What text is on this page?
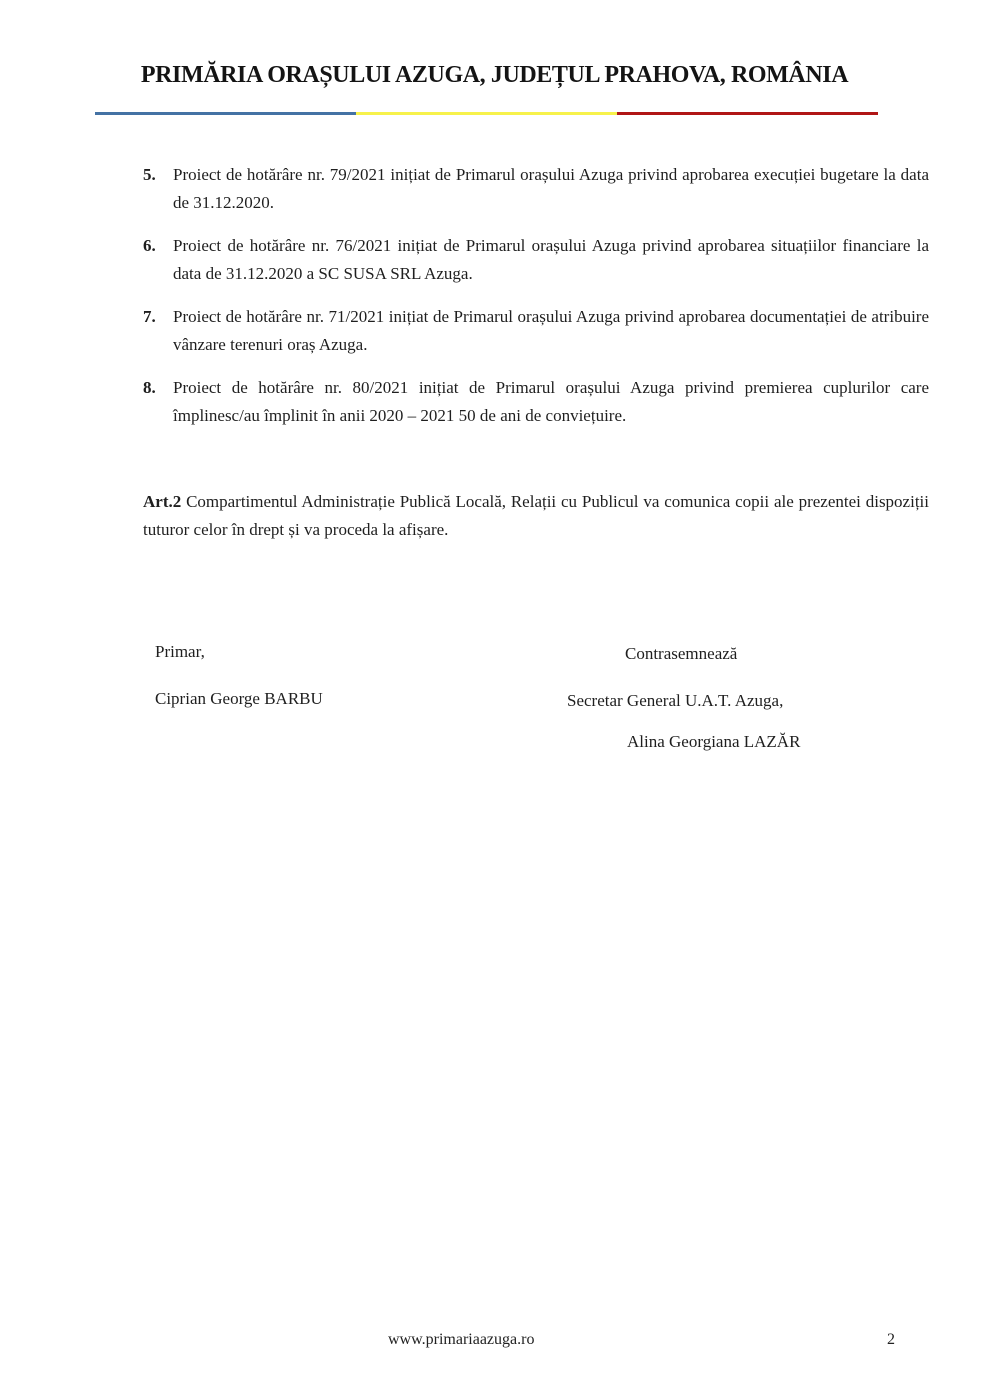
PRIMĂRIA ORAȘULUI AZUGA, JUDEȚUL PRAHOVA, ROMÂNIA
5. Proiect de hotărâre nr. 79/2021 inițiat de Primarul orașului Azuga privind aprobarea execuției bugetare la data de 31.12.2020.
6. Proiect de hotărâre nr. 76/2021 inițiat de Primarul orașului Azuga privind aprobarea situațiilor financiare la data de 31.12.2020 a SC SUSA SRL Azuga.
7. Proiect de hotărâre nr. 71/2021 inițiat de Primarul orașului Azuga privind aprobarea documentației de atribuire vânzare terenuri oraș Azuga.
8. Proiect de hotărâre nr. 80/2021 inițiat de Primarul orașului Azuga privind premierea cuplurilor care împlinesc/au împlinit în anii 2020 – 2021 50 de ani de conviețuire.
Art.2 Compartimentul Administrație Publică Locală, Relații cu Publicul va comunica copii ale prezentei dispoziții tuturor celor în drept și va proceda la afișare.
Primar,
Ciprian George BARBU
Contrasemnează
Secretar General U.A.T. Azuga,
Alina Georgiana LAZĂR
www.primariaazuga.ro	2
